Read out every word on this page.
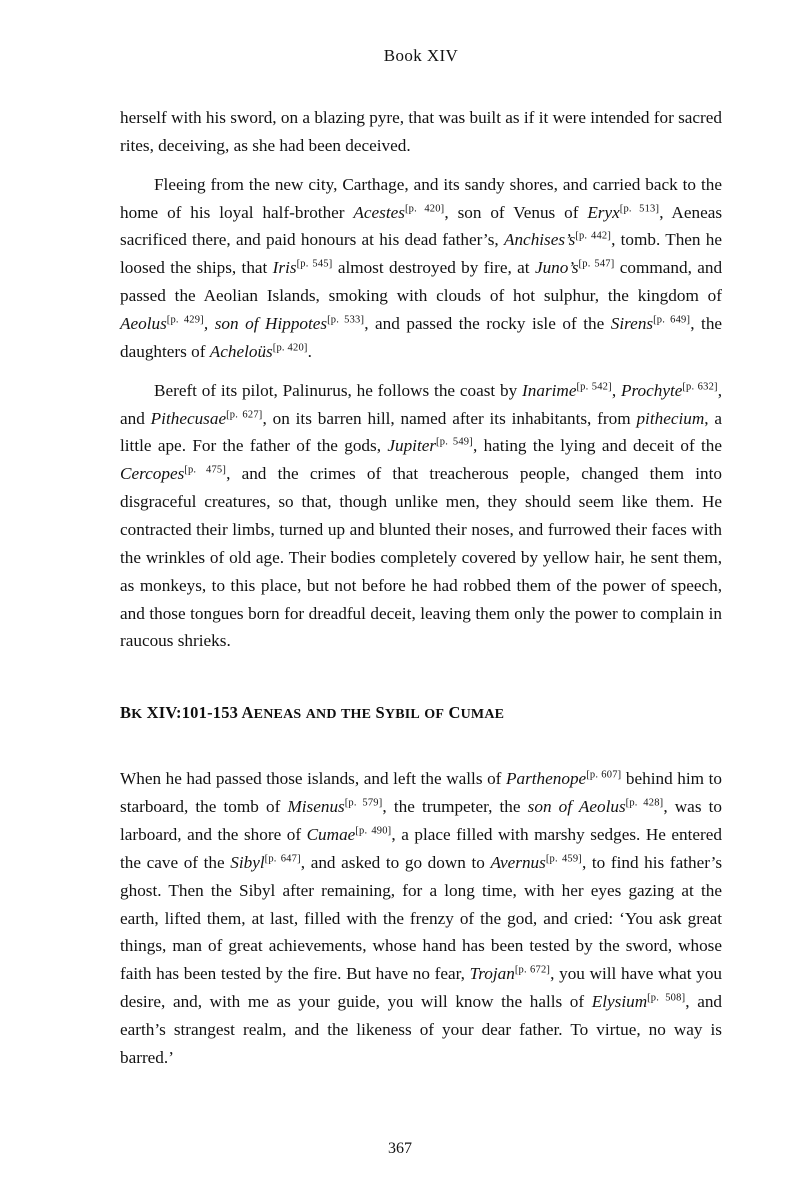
Book XIV
herself with his sword, on a blazing pyre, that was built as if it were intended for sacred rites, deceiving, as she had been deceived.
Fleeing from the new city, Carthage, and its sandy shores, and carried back to the home of his loyal half-brother Acestes[p. 420], son of Venus of Eryx[p. 513], Aeneas sacrificed there, and paid honours at his dead father’s, Anchises’s[p. 442], tomb. Then he loosed the ships, that Iris[p. 545] almost destroyed by fire, at Juno’s[p. 547] command, and passed the Aeolian Islands, smoking with clouds of hot sulphur, the kingdom of Aeolus[p. 429], son of Hippotes[p. 533], and passed the rocky isle of the Sirens[p. 649], the daughters of Acheloüs[p. 420].
Bereft of its pilot, Palinurus, he follows the coast by Inarime[p. 542], Prochyte[p. 632], and Pithecusae[p. 627], on its barren hill, named after its inhabitants, from pithecium, a little ape. For the father of the gods, Jupiter[p. 549], hating the lying and deceit of the Cercopes[p. 475], and the crimes of that treacherous people, changed them into disgraceful creatures, so that, though unlike men, they should seem like them. He contracted their limbs, turned up and blunted their noses, and furrowed their faces with the wrinkles of old age. Their bodies completely covered by yellow hair, he sent them, as monkeys, to this place, but not before he had robbed them of the power of speech, and those tongues born for dreadful deceit, leaving them only the power to complain in raucous shrieks.
BK XIV:101-153 AENEAS AND THE SYBIL OF CUMAE
When he had passed those islands, and left the walls of Parthenope[p. 607] behind him to starboard, the tomb of Misenus[p. 579], the trumpeter, the son of Aeolus[p. 428], was to larboard, and the shore of Cumae[p. 490], a place filled with marshy sedges. He entered the cave of the Sibyl[p. 647], and asked to go down to Avernus[p. 459], to find his father’s ghost. Then the Sibyl after remaining, for a long time, with her eyes gazing at the earth, lifted them, at last, filled with the frenzy of the god, and cried: ‘You ask great things, man of great achievements, whose hand has been tested by the sword, whose faith has been tested by the fire. But have no fear, Trojan[p. 672], you will have what you desire, and, with me as your guide, you will know the halls of Elysium[p. 508], and earth’s strangest realm, and the likeness of your dear father. To virtue, no way is barred.’
367
